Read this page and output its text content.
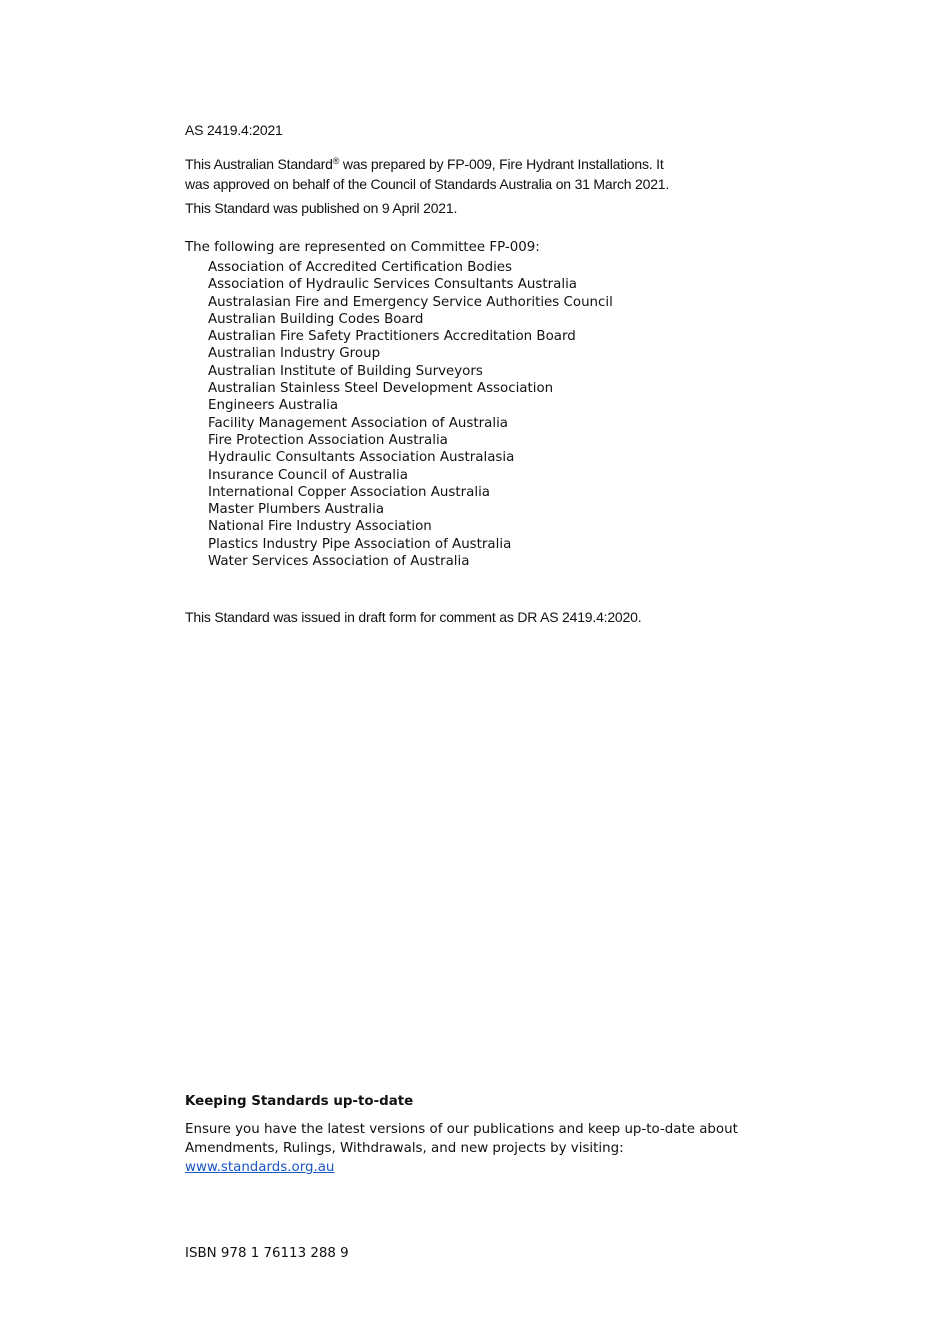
AS 2419.4:2021

This Australian Standard® was prepared by FP-009, Fire Hydrant Installations. It
was approved on behalf of the Council of Standards Australia on 31 March 2021.

This Standard was published on 9 April 2021.

The following are represented on Committee FP-009:

Association of Accredited Certification Bodies
Association of Hydraulic Services Consultants Australia
Australasian Fire and Emergency Service Authorities Council
Australian Building Codes Board
Australian Fire Safety Practitioners Accreditation Board
Australian Industry Group
Australian Institute of Building Surveyors
Australian Stainless Steel Development Association
Engineers Australia
Facility Management Association of Australia
Fire Protection Association Australia
Hydraulic Consultants Association Australasia
Insurance Council of Australia
International Copper Association Australia
Master Plumbers Australia
National Fire Industry Association
Plastics Industry Pipe Association of Australia
Water Services Association of Australia

This Standard was issued in draft form for comment as DR AS 2419.4:2020.

Keeping Standards up-to-date

Ensure you have the latest versions of our publications and keep up-to-date about
Amendments, Rulings, Withdrawals, and new projects by visiting:
www.standards.org.au

ISBN 978 1 76113 288 9
